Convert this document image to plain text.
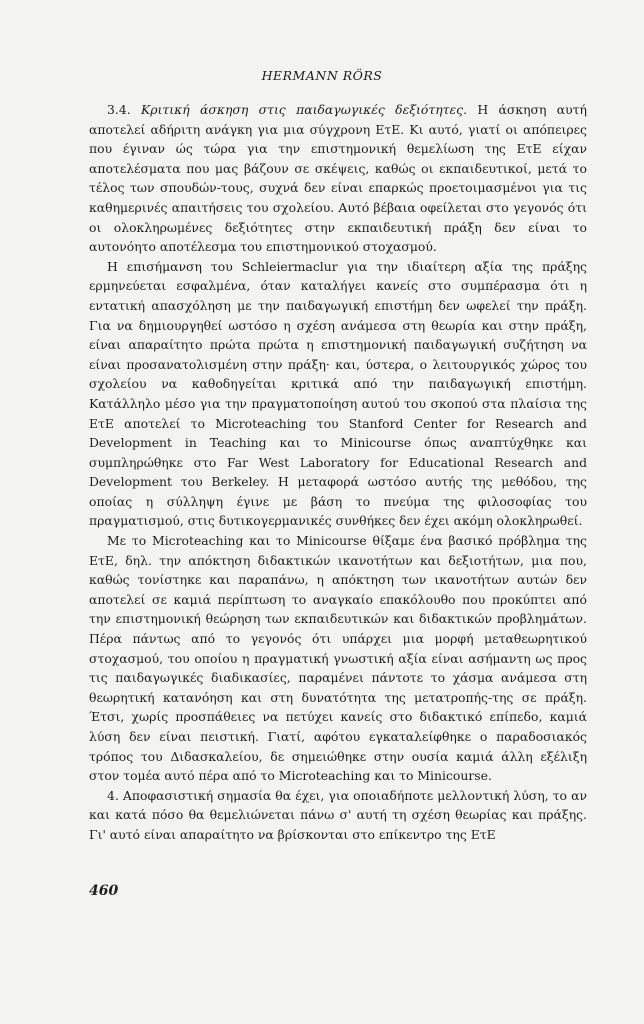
HERMANN RÖRS

3.4. Κριτική άσκηση στις παιδαγωγικές δεξιότητες. Η άσκηση αυτή αποτελεί αδήριτη ανάγκη για μια σύγχρονη ΕτΕ. Κι αυτό, γιατί οι απόπειρες που έγιναν ώς τώρα για την επιστημονική θεμελίωση της ΕτΕ είχαν αποτελέσματα που μας βάζουν σε σκέψεις, καθώς οι εκπαιδευτικοί, μετά το τέλος των σπουδών-τους, συχνά δεν είναι επαρκώς προετοιμασμένοι για τις καθημερινές απαιτήσεις του σχολείου. Αυτό βέβαια οφείλεται στο γεγονός ότι οι ολοκληρωμένες δεξιότητες στην εκπαιδευτική πράξη δεν είναι το αυτονόητο αποτέλεσμα του επιστημονικού στοχασμού.

Η επισήμανση του Schleiermaclur για την ιδιαίτερη αξία της πράξης ερμηνεύεται εσφαλμένα, όταν καταλήγει κανείς στο συμπέρασμα ότι η εντατική απασχόληση με την παιδαγωγική επιστήμη δεν ωφελεί την πράξη. Για να δημιουργηθεί ωστόσο η σχέση ανάμεσα στη θεωρία και στην πράξη, είναι απαραίτητο πρώτα πρώτα η επιστημονική παιδαγωγική συζήτηση να είναι προσανατολισμένη στην πράξη· και, ύστερα, ο λειτουργικός χώρος του σχολείου να καθοδηγείται κριτικά από την παιδαγωγική επιστήμη. Κατάλληλο μέσο για την πραγματοποίηση αυτού του σκοπού στα πλαίσια της ΕτΕ αποτελεί το Microteaching του Stanford Center for Research and Development in Teaching και το Minicourse όπως αναπτύχθηκε και συμπληρώθηκε στο Far West Laboratory for Educational Research and Development του Berkeley. Η μεταφορά ωστόσο αυτής της μεθόδου, της οποίας η σύλληψη έγινε με βάση το πνεύμα της φιλοσοφίας του πραγματισμού, στις δυτικογερμανικές συνθήκες δεν έχει ακόμη ολοκληρωθεί.

Με το Microteaching και το Minicourse θίξαμε ένα βασικό πρόβλημα της ΕτΕ, δηλ. την απόκτηση διδακτικών ικανοτήτων και δεξιοτήτων, μια που, καθώς τονίστηκε και παραπάνω, η απόκτηση των ικανοτήτων αυτών δεν αποτελεί σε καμιά περίπτωση το αναγκαίο επακόλουθο που προκύπτει από την επιστημονική θεώρηση των εκπαιδευτικών και διδακτικών προβλημάτων. Πέρα πάντως από το γεγονός ότι υπάρχει μια μορφή μεταθεωρητικού στοχασμού, του οποίου η πραγματική γνωστική αξία είναι ασήμαντη ως προς τις παιδαγωγικές διαδικασίες, παραμένει πάντοτε το χάσμα ανάμεσα στη θεωρητική κατανόηση και στη δυνατότητα της μετατροπής-της σε πράξη. Έτσι, χωρίς προσπάθειες να πετύχει κανείς στο διδακτικό επίπεδο, καμιά λύση δεν είναι πειστική. Γιατί, αφότου εγκαταλείφθηκε ο παραδοσιακός τρόπος του Διδασκαλείου, δε σημειώθηκε στην ουσία καμιά άλλη εξέλιξη στον τομέα αυτό πέρα από το Microteaching και το Minicourse.

4. Αποφασιστική σημασία θα έχει, για οποιαδήποτε μελλοντική λύση, το αν και κατά πόσο θα θεμελιώνεται πάνω σ' αυτή τη σχέση θεωρίας και πράξης. Γι' αυτό είναι απαραίτητο να βρίσκονται στο επίκεντρο της ΕτΕ

460
